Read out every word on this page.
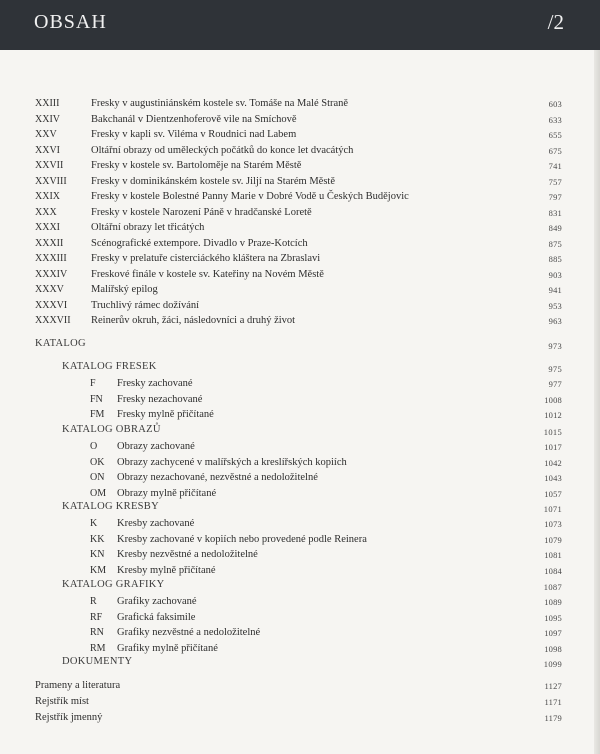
OBSAH	/2
XXIII	Fresky v augustiniánském kostele sv. Tomáše na Malé Straně	603
XXIV	Bakchanál v Dientzenhoferově vile na Smíchově	633
XXV	Fresky v kapli sv. Viléma v Roudnici nad Labem	655
XXVI	Oltářní obrazy od uměleckých počátků do konce let dvacátých	675
XXVII	Fresky v kostele sv. Bartoloměje na Starém Městě	741
XXVIII Fresky v dominikánském kostele sv. Jiljí na Starém Městě	757
XXIX	Fresky v kostele Bolestné Panny Marie v Dobré Vodě u Českých Budějovic	797
XXX	Fresky v kostele Narození Páně v hradčanské Loretě	831
XXXI	Oltářní obrazy let třicátých	849
XXXII	Scénografické extempore. Divadlo v Praze-Kotcích	875
XXXIII Fresky v prelatuře cisterciáckého kláštera na Zbraslavi	885
XXXIV Freskové finále v kostele sv. Kateřiny na Novém Městě	903
XXXV	Malířský epilog	941
XXXVI Truchlivý rámec dožívání	953
XXXVII Reinerův okruh, žáci, následovníci a druhý život	963
KATALOG	973
KATALOG FRESEK	975
F Fresky zachované	977
FN Fresky nezachované	1008
FM Fresky mylně přičítané	1012
KATALOG OBRAZŮ	1015
O Obrazy zachované	1017
OK Obrazy zachycené v malířských a kreslířských kopiích	1042
ON Obrazy nezachované, nezvěstné a nedoložitelné	1043
OM Obrazy mylně přičítané	1057
KATALOG KRESBY	1071
K Kresby zachované	1073
KK Kresby zachované v kopiích nebo provedené podle Reinera	1079
KN Kresby nezvěstné a nedoložitelné	1081
KM Kresby mylně přičítané	1084
KATALOG GRAFIKY	1087
R Grafiky zachované	1089
RF Grafická faksimile	1095
RN Grafiky nezvěstné a nedoložitelné	1097
RM Grafiky mylně přičítané	1098
DOKUMENTY	1099
Prameny a literatura	1127
Rejstřík míst	1171
Rejstřík jmenný	1179
